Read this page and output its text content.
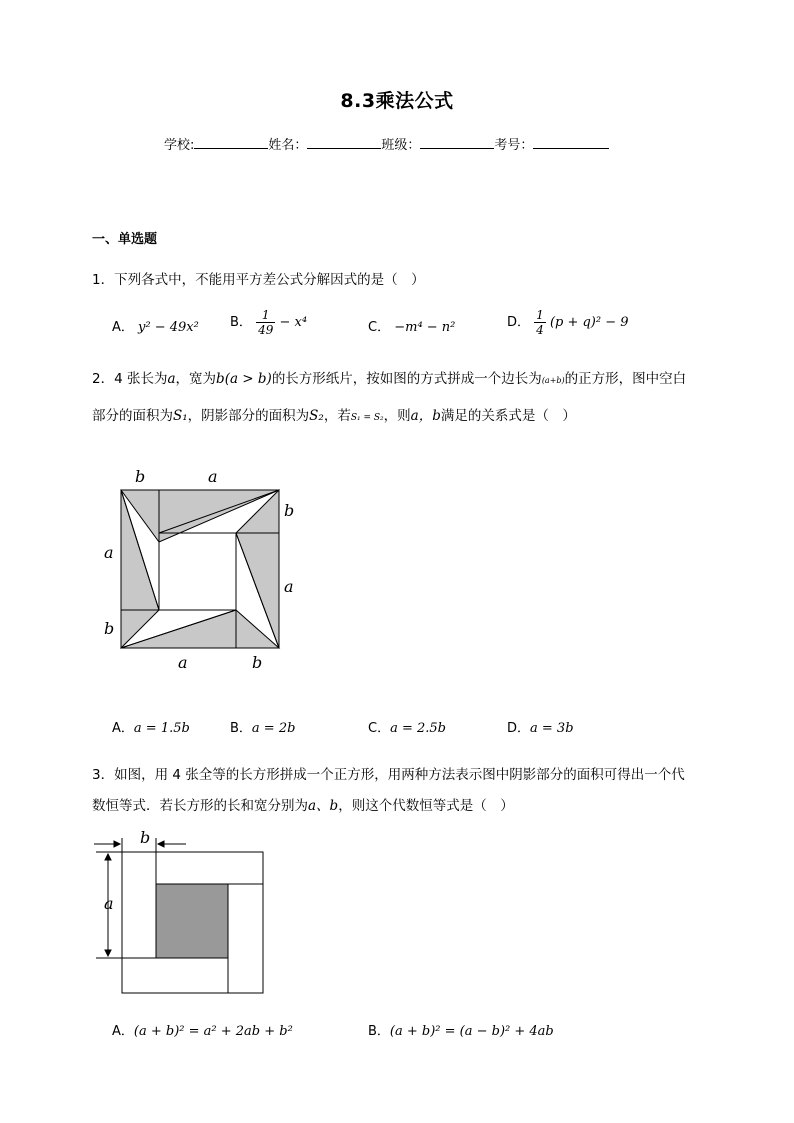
8.3乘法公式
学校:	姓名：	班级：	考号：
一、单选题
1．下列各式中，不能用平方差公式分解因式的是（　）
A． y² − 49x² B． $\frac{1}{49} - x^4$	C． −m⁴ − n²	D． $\frac{1}{4} (p + q)^2 - 9$
2．4 张长为a，宽为b(a > b)的长方形纸片，按如图的方式拼成一个边长为(a+b)的正方形，图中空白
部分的面积为S₁，阴影部分的面积为S₂，若S₁ = S₂，则a，b满足的关系式是（　）
b	a
b
a
a
b
a	b
A．a = 1.5b	B．a = 2b	C．a = 2.5b	D．a = 3b
3．如图，用 4 张全等的长方形拼成一个正方形，用两种方法表示图中阴影部分的面积可得出一个代
数恒等式．若长方形的长和宽分别为a、b，则这个代数恒等式是（　）
b
a
A．(a + b)² = a² + 2ab + b²	B．(a + b)² = (a − b)² + 4ab
